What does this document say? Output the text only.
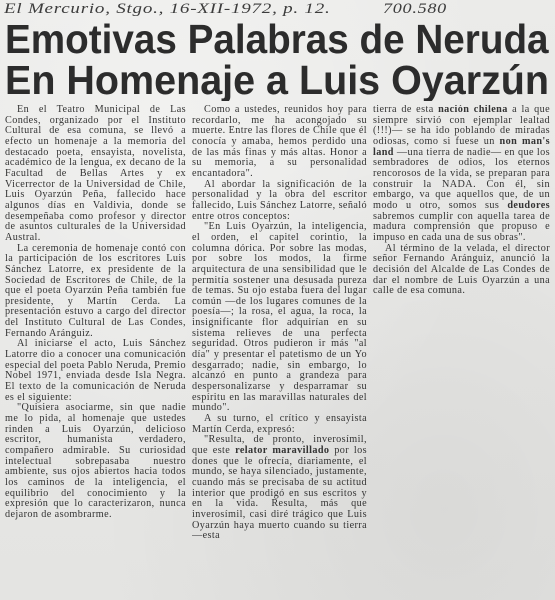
El Mercurio, Stgo., 16-XII-1972, p. 12.	700.580
Emotivas Palabras de Neruda
En Homenaje a Luis Oyarzún

En el Teatro Municipal de Las Condes, organizado por el Instituto Cultural de esa comuna, se llevó a efecto un homenaje a la memoria del destacado poeta, ensayista, novelista, académico de la lengua, ex decano de la Facultad de Bellas Artes y ex Vicerrector de la Universidad de Chile, Luis Oyarzún Peña, fallecido hace algunos días en Valdivia, donde se desempeñaba como profesor y director de asuntos culturales de la Universidad Austral.

La ceremonia de homenaje contó con la participación de los escritores Luis Sánchez Latorre, ex presidente de la Sociedad de Escritores de Chile, de la que el poeta Oyarzún Peña también fue presidente, y Martín Cerda. La presentación estuvo a cargo del director del Instituto Cultural de Las Condes, Fernando Aránguiz.

Al iniciarse el acto, Luis Sánchez Latorre dio a conocer una comunicación especial del poeta Pablo Neruda, Premio Nobel 1971, enviada desde Isla Negra. El texto de la comunicación de Neruda es el siguiente:

"Quisiera asociarme, sin que nadie me lo pida, al homenaje que ustedes rinden a Luis Oyarzún, delicioso escritor, humanista verdadero, compañero admirable. Su curiosidad intelectual sobrepasaba nuestro ambiente, sus ojos abiertos hacia todos los caminos de la inteligencia, el equilibrio del conocimiento y la expresión que lo caracterizaron, nunca dejaron de asombrarme.

Como a ustedes, reunidos hoy para recordarlo, me ha acongojado su muerte. Entre las flores de Chile que él conocía y amaba, hemos perdido una de las más finas y más altas. Honor a su memoria, a su personalidad encantadora".

Al abordar la significación de la personalidad y la obra del escritor fallecido, Luis Sánchez Latorre, señaló entre otros conceptos:

"En Luis Oyarzún, la inteligencia, el orden, el capitel corintio, la columna dórica. Por sobre las modas, por sobre los modos, la firme arquitectura de una sensibilidad que le permitía sostener una desusada pureza de temas. Su ojo estaba fuera del lugar común —de los lugares comunes de la poesía—; la rosa, el agua, la roca, la insignificante flor adquirían en su sistema relieves de una perfecta seguridad. Otros pudieron ir más "al día" y presentar el patetismo de un Yo desgarrado; nadie, sin embargo, lo alcanzó en punto a grandeza para despersonalizarse y desparramar su espíritu en las maravillas naturales del mundo".

A su turno, el crítico y ensayista Martín Cerda, expresó:

"Resulta, de pronto, inverosímil, que este relator maravillado por los dones que le ofrecía, diariamente, el mundo, se haya silenciado, justamente, cuando más se precisaba de su actitud interior que prodigó en sus escritos y en la vida. Resulta, más que inverosímil, casi diré trágico que Luis Oyarzún haya muerto cuando su tierra —esta

tierra de esta nación chilena a la que siempre sirvió con ejemplar lealtad (!!!)— se ha ido poblando de miradas odiosas, como si fuese un non man's land —una tierra de nadie— en que los sembradores de odios, los eternos rencorosos de la vida, se preparan para construir la NADA. Con él, sin embargo, va que aquellos que, de un modo u otro, somos sus deudores sabremos cumplir con aquella tarea de madura comprensión que propuso e impuso en cada una de sus obras".

Al término de la velada, el director señor Fernando Aránguiz, anunció la decisión del Alcalde de Las Condes de dar el nombre de Luis Oyarzún a una calle de esa comuna.
